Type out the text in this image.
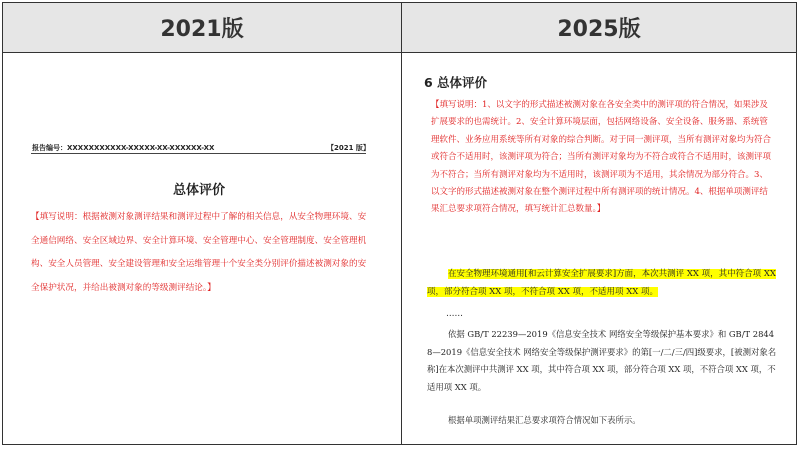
2021版	2025版
报告编号：XXXXXXXXXXX-XXXXX-XX-XXXXXX-XX	【2021 版】
总体评价
【填写说明：根据被测对象测评结果和测评过程中了解的相关信息，从安全物理环境、安全通信网络、安全区域边界、安全计算环境、安全管理中心、安全管理制度、安全管理机构、安全人员管理、安全建设管理和安全运维管理十个安全类分别评价描述被测对象的安全保护状况，并给出被测对象的等级测评结论。】
6 总体评价
【填写说明：1、以文字的形式描述被测对象在各安全类中的测评项的符合情况，如果涉及扩展要求的也需统计。2、安全计算环境层面，包括网络设备、安全设备、服务器、系统管理软件、业务应用系统等所有对象的综合判断。对于同一测评项，当所有测评对象均为符合或符合不适用时，该测评项为符合；当所有测评对象均为不符合或符合不适用时，该测评项为不符合；当所有测评对象均为不适用时，该测评项为不适用，其余情况为部分符合。3、以文字的形式描述被测对象在整个测评过程中所有测评项的统计情况。4、根据单项测评结果汇总要求项符合情况，填写统计汇总数量。】
在安全物理环境通用[和云计算安全扩展要求]方面，本次共测评 XX 项，其中符合项 XX 项，部分符合项 XX 项，不符合项 XX 项，不适用项 XX 项。
……
依据 GB/T 22239—2019《信息安全技术 网络安全等级保护基本要求》和 GB/T 28448—2019《信息安全技术 网络安全等级保护测评要求》的第[一/二/三/四]级要求，[被测对象名称]在本次测评中共测评 XX 项，其中符合项 XX 项，部分符合项 XX 项，不符合项 XX 项，不适用项 XX 项。
根据单项测评结果汇总要求项符合情况如下表所示。
